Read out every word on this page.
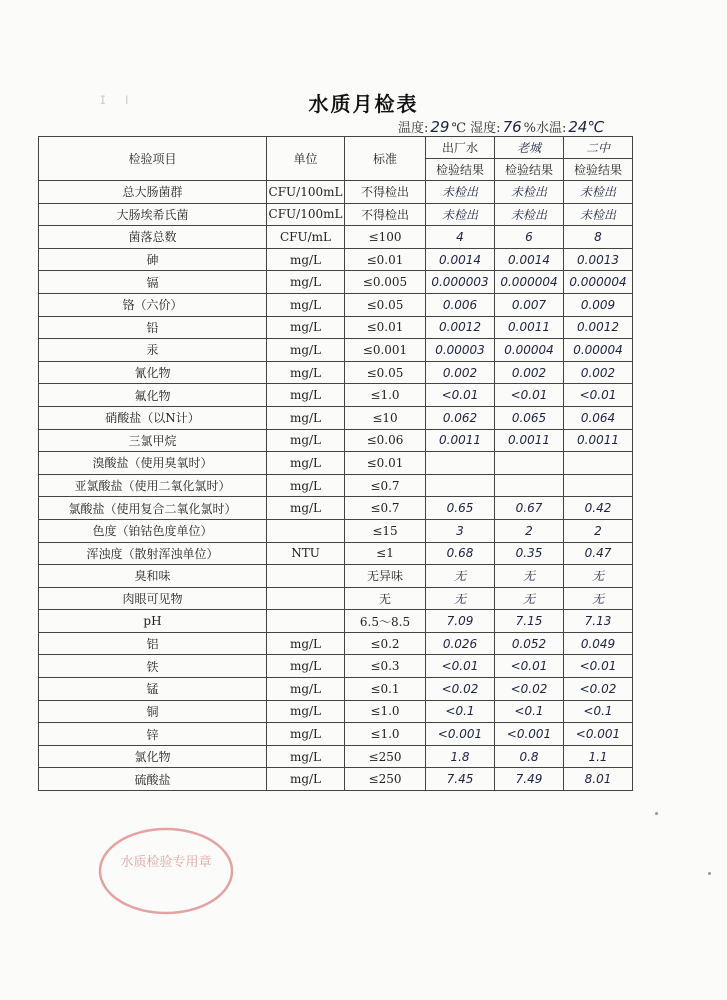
ɪ    ı	水质月检表
温度: 29 ℃ 湿度: 76 %水温: 24℃
检验项目	单位	标准	出厂水	老城	二中
			检验结果	检验结果	检验结果
总大肠菌群	CFU/100mL	不得检出	未检出	未检出	未检出
大肠埃希氏菌	CFU/100mL	不得检出	未检出	未检出	未检出
菌落总数	CFU/mL	≤100	4	6	8
砷	mg/L	≤0.01	0.0014	0.0014	0.0013
镉	mg/L	≤0.005	0.000003	0.000004	0.000004
铬（六价）	mg/L	≤0.05	0.006	0.007	0.009
铅	mg/L	≤0.01	0.0012	0.0011	0.0012
汞	mg/L	≤0.001	0.00003	0.00004	0.00004
氰化物	mg/L	≤0.05	0.002	0.002	0.002
氟化物	mg/L	≤1.0	<0.01	<0.01	<0.01
硝酸盐（以N计）	mg/L	≤10	0.062	0.065	0.064
三氯甲烷	mg/L	≤0.06	0.0011	0.0011	0.0011
溴酸盐（使用臭氧时）	mg/L	≤0.01			
亚氯酸盐（使用二氧化氯时）	mg/L	≤0.7			
氯酸盐（使用复合二氧化氯时）	mg/L	≤0.7	0.65	0.67	0.42
色度（铂钴色度单位）		≤15	3	2	2
浑浊度（散射浑浊单位）	NTU	≤1	0.68	0.35	0.47
臭和味		无异味	无	无	无
肉眼可见物		无	无	无	无
pH		6.5～8.5	7.09	7.15	7.13
铝	mg/L	≤0.2	0.026	0.052	0.049
铁	mg/L	≤0.3	<0.01	<0.01	<0.01
锰	mg/L	≤0.1	<0.02	<0.02	<0.02
铜	mg/L	≤1.0	<0.1	<0.1	<0.1
锌	mg/L	≤1.0	<0.001	<0.001	<0.001
氯化物	mg/L	≤250	1.8	0.8	1.1
硫酸盐	mg/L	≤250	7.45	7.49	8.01
水质检验专用章
